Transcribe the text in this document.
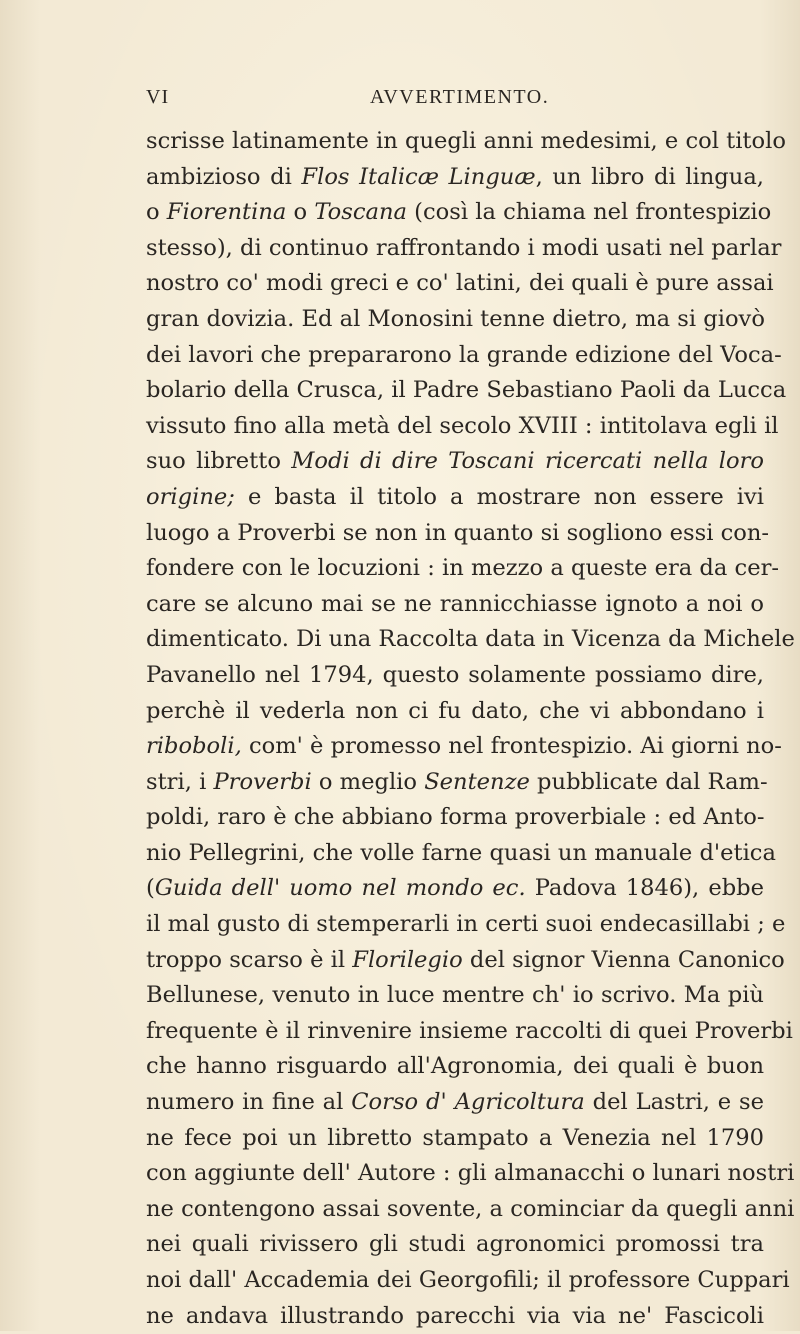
VI	AVVERTIMENTO.
scrisse latinamente in quegli anni medesimi, e col titolo
ambizioso di Flos Italicæ Linguæ, un libro di lingua,
o Fiorentina o Toscana (così la chiama nel frontespizio
stesso), di continuo raffrontando i modi usati nel parlar
nostro co' modi greci e co' latini, dei quali è pure assai
gran dovizia. Ed al Monosini tenne dietro, ma si giovò
dei lavori che prepararono la grande edizione del Voca-
bolario della Crusca, il Padre Sebastiano Paoli da Lucca
vissuto fino alla metà del secolo XVIII : intitolava egli il
suo libretto Modi di dire Toscani ricercati nella loro
origine; e basta il titolo a mostrare non essere ivi
luogo a Proverbi se non in quanto si sogliono essi con-
fondere con le locuzioni : in mezzo a queste era da cer-
care se alcuno mai se ne rannicchiasse ignoto a noi o
dimenticato. Di una Raccolta data in Vicenza da Michele
Pavanello nel 1794, questo solamente possiamo dire,
perchè il vederla non ci fu dato, che vi abbondano i
riboboli, com' è promesso nel frontespizio. Ai giorni no-
stri, i Proverbi o meglio Sentenze pubblicate dal Ram-
poldi, raro è che abbiano forma proverbiale : ed Anto-
nio Pellegrini, che volle farne quasi un manuale d'etica
(Guida dell' uomo nel mondo ec. Padova 1846), ebbe
il mal gusto di stemperarli in certi suoi endecasillabi ; e
troppo scarso è il Florilegio del signor Vienna Canonico
Bellunese, venuto in luce mentre ch' io scrivo. Ma più
frequente è il rinvenire insieme raccolti di quei Proverbi
che hanno risguardo all'Agronomia, dei quali è buon
numero in fine al Corso d' Agricoltura del Lastri, e se
ne fece poi un libretto stampato a Venezia nel 1790
con aggiunte dell' Autore : gli almanacchi o lunari nostri
ne contengono assai sovente, a cominciar da quegli anni
nei quali rivissero gli studi agronomici promossi tra
noi dall' Accademia dei Georgofili; il professore Cuppari
ne andava illustrando parecchi via via ne' Fascicoli
